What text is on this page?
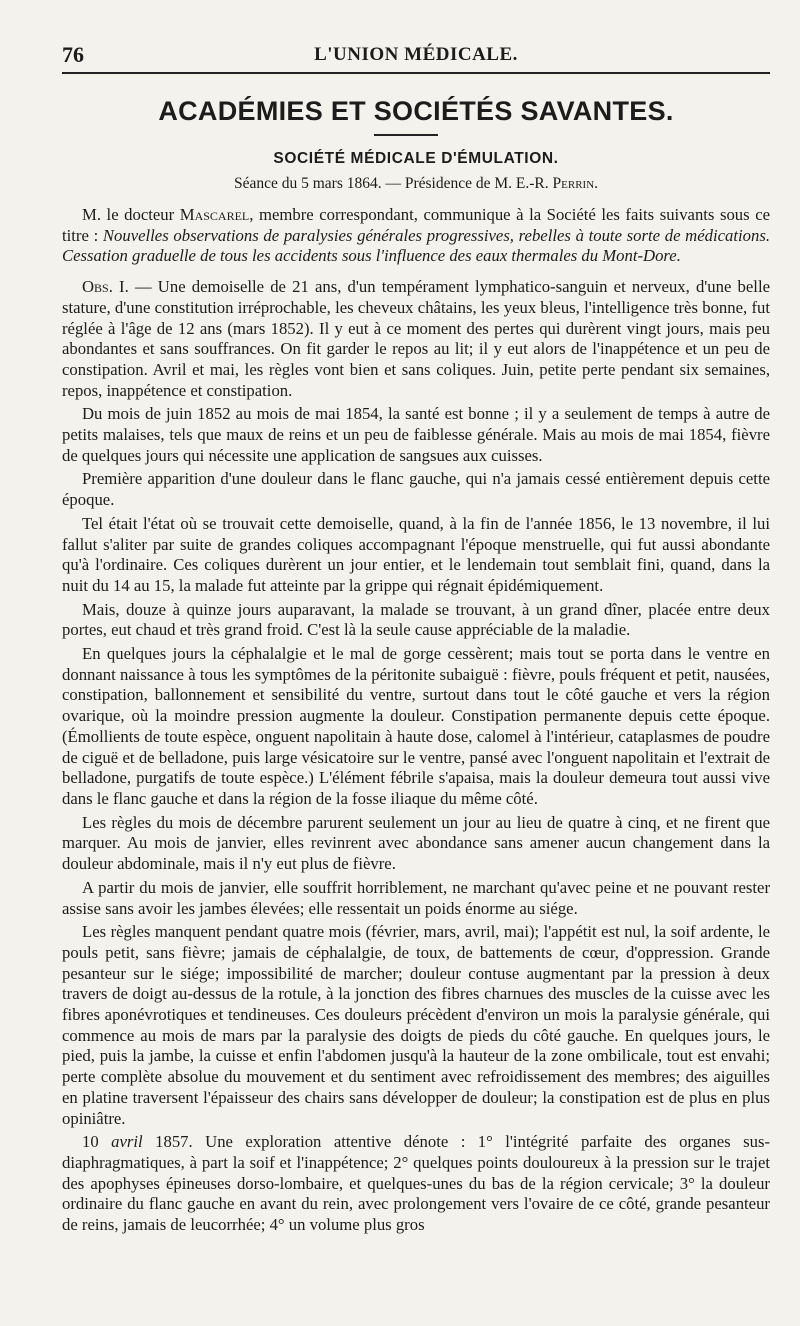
76	L'UNION MÉDICALE.
ACADÉMIES ET SOCIÉTÉS SAVANTES.
SOCIÉTÉ MÉDICALE D'ÉMULATION.
Séance du 5 mars 1864. — Présidence de M. E.-R. Perrin.

M. le docteur Mascarel, membre correspondant, communique à la Société les faits suivants sous ce titre : Nouvelles observations de paralysies générales progressives, rebelles à toute sorte de médications. Cessation graduelle de tous les accidents sous l'influence des eaux thermales du Mont-Dore.

Obs. I. — Une demoiselle de 21 ans, d'un tempérament lymphatico-sanguin et nerveux, d'une belle stature, d'une constitution irréprochable, les cheveux châtains, les yeux bleus, l'intelligence très bonne, fut réglée à l'âge de 12 ans (mars 1852). Il y eut à ce moment des pertes qui durèrent vingt jours, mais peu abondantes et sans souffrances. On fit garder le repos au lit; il y eut alors de l'inappétence et un peu de constipation. Avril et mai, les règles vont bien et sans coliques. Juin, petite perte pendant six semaines, repos, inappétence et constipation.

Du mois de juin 1852 au mois de mai 1854, la santé est bonne ; il y a seulement de temps à autre de petits malaises, tels que maux de reins et un peu de faiblesse générale. Mais au mois de mai 1854, fièvre de quelques jours qui nécessite une application de sangsues aux cuisses.

Première apparition d'une douleur dans le flanc gauche, qui n'a jamais cessé entièrement depuis cette époque.

Tel était l'état où se trouvait cette demoiselle, quand, à la fin de l'année 1856, le 13 novembre, il lui fallut s'aliter par suite de grandes coliques accompagnant l'époque menstruelle, qui fut aussi abondante qu'à l'ordinaire. Ces coliques durèrent un jour entier, et le lendemain tout semblait fini, quand, dans la nuit du 14 au 15, la malade fut atteinte par la grippe qui régnait épidémiquement.

Mais, douze à quinze jours auparavant, la malade se trouvant, à un grand dîner, placée entre deux portes, eut chaud et très grand froid. C'est là la seule cause appréciable de la maladie.

En quelques jours la céphalalgie et le mal de gorge cessèrent; mais tout se porta dans le ventre en donnant naissance à tous les symptômes de la péritonite subaiguë : fièvre, pouls fréquent et petit, nausées, constipation, ballonnement et sensibilité du ventre, surtout dans tout le côté gauche et vers la région ovarique, où la moindre pression augmente la douleur. Constipation permanente depuis cette époque. (Émollients de toute espèce, onguent napolitain à haute dose, calomel à l'intérieur, cataplasmes de poudre de ciguë et de belladone, puis large vésicatoire sur le ventre, pansé avec l'onguent napolitain et l'extrait de belladone, purgatifs de toute espèce.) L'élément fébrile s'apaisa, mais la douleur demeura tout aussi vive dans le flanc gauche et dans la région de la fosse iliaque du même côté.

Les règles du mois de décembre parurent seulement un jour au lieu de quatre à cinq, et ne firent que marquer. Au mois de janvier, elles revinrent avec abondance sans amener aucun changement dans la douleur abdominale, mais il n'y eut plus de fièvre.

A partir du mois de janvier, elle souffrit horriblement, ne marchant qu'avec peine et ne pouvant rester assise sans avoir les jambes élevées; elle ressentait un poids énorme au siége.

Les règles manquent pendant quatre mois (février, mars, avril, mai); l'appétit est nul, la soif ardente, le pouls petit, sans fièvre; jamais de céphalalgie, de toux, de battements de cœur, d'oppression. Grande pesanteur sur le siége; impossibilité de marcher; douleur contuse augmentant par la pression à deux travers de doigt au-dessus de la rotule, à la jonction des fibres charnues des muscles de la cuisse avec les fibres aponévrotiques et tendineuses. Ces douleurs précèdent d'environ un mois la paralysie générale, qui commence au mois de mars par la paralysie des doigts de pieds du côté gauche. En quelques jours, le pied, puis la jambe, la cuisse et enfin l'abdomen jusqu'à la hauteur de la zone ombilicale, tout est envahi; perte complète absolue du mouvement et du sentiment avec refroidissement des membres; des aiguilles en platine traversent l'épaisseur des chairs sans développer de douleur; la constipation est de plus en plus opiniâtre.

10 avril 1857. Une exploration attentive dénote : 1° l'intégrité parfaite des organes sus-diaphragmatiques, à part la soif et l'inappétence; 2° quelques points douloureux à la pression sur le trajet des apophyses épineuses dorso-lombaire, et quelques-unes du bas de la région cervicale; 3° la douleur ordinaire du flanc gauche en avant du rein, avec prolongement vers l'ovaire de ce côté, grande pesanteur de reins, jamais de leucorrhée; 4° un volume plus gros
